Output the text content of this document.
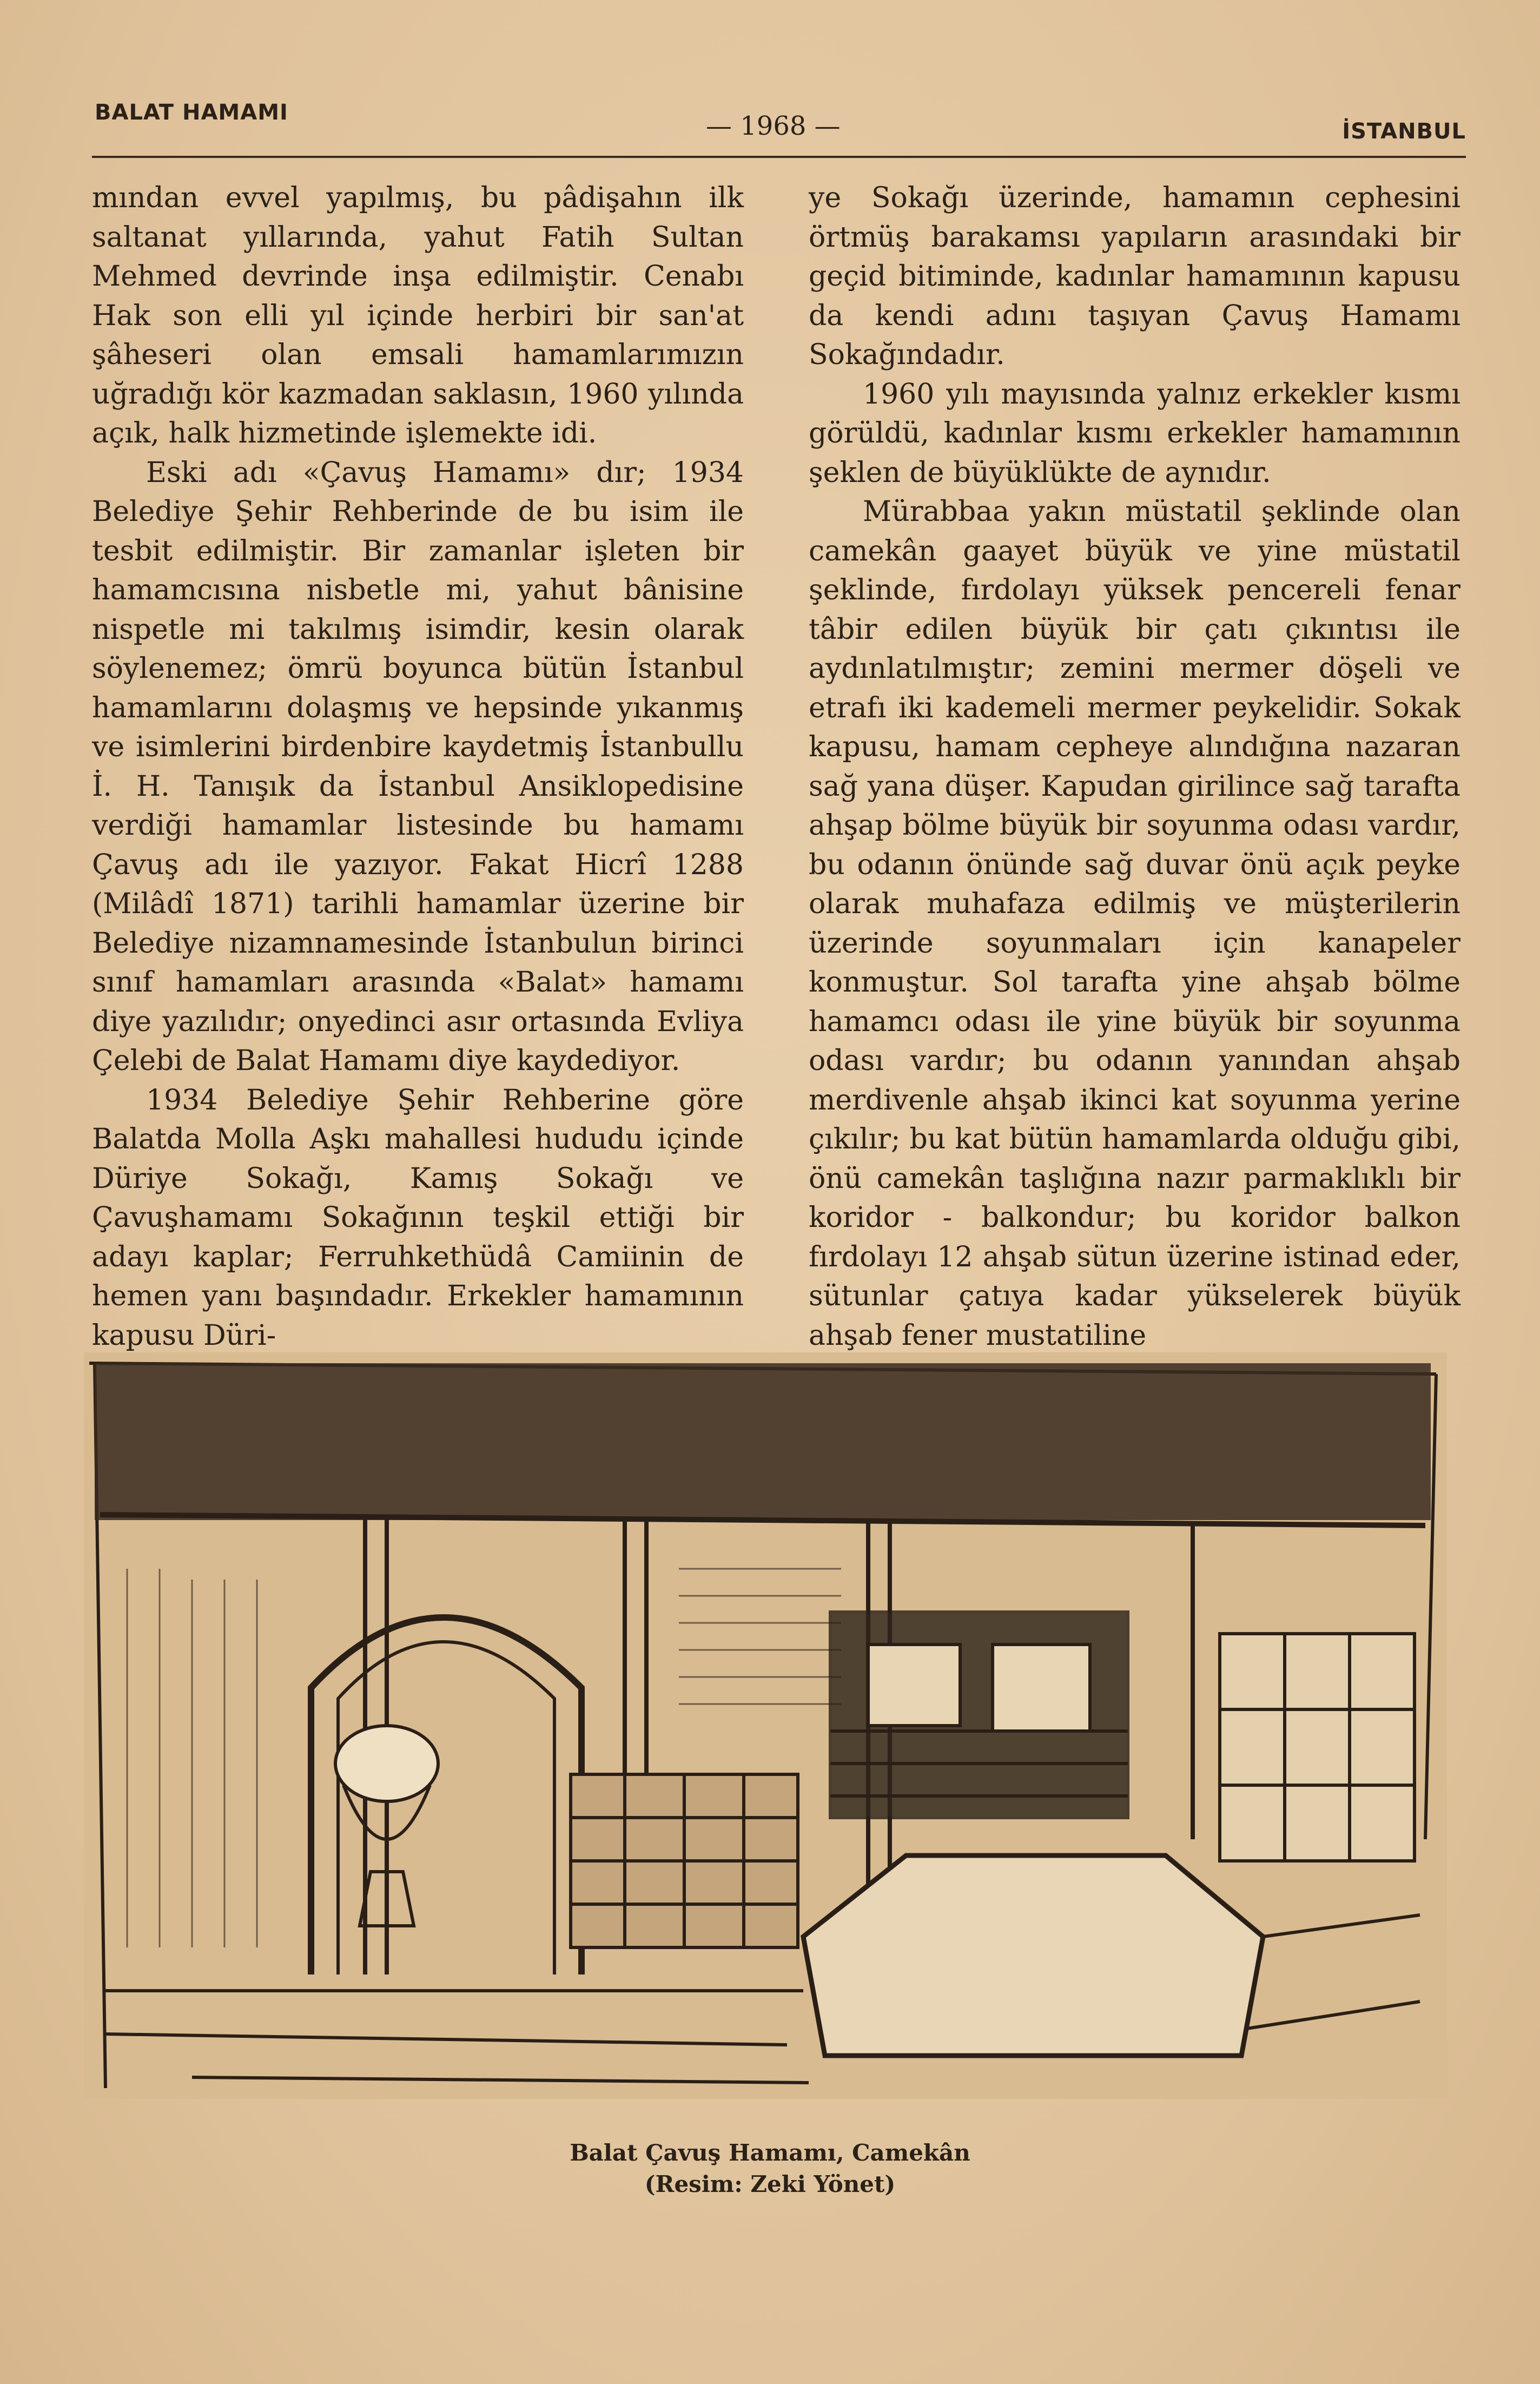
BALAT HAMAMI	— 1968 —	İSTANBUL

mından evvel yapılmış, bu pâdişahın ilk saltanat yıllarında, yahut Fatih Sultan Mehmed devrinde inşa edilmiştir. Cenabı Hak son elli yıl içinde herbiri bir san'at şâheseri olan emsali hamamlarımızın uğradığı kör kazmadan saklasın, 1960 yılında açık, halk hizmetinde işlemekte idi.

Eski adı «Çavuş Hamamı» dır; 1934 Belediye Şehir Rehberinde de bu isim ile tesbit edilmiştir. Bir zamanlar işleten bir hamamcısına nisbetle mi, yahut bânisine nispetle mi takılmış isimdir, kesin olarak söylenemez; ömrü boyunca bütün İstanbul hamamlarını dolaşmış ve hepsinde yıkanmış ve isimlerini birdenbire kaydetmiş İstanbullu İ. H. Tanışık da İstanbul Ansiklopedisine verdiği hamamlar listesinde bu hamamı Çavuş adı ile yazıyor. Fakat Hicrî 1288 (Milâdî 1871) tarihli hamamlar üzerine bir Belediye nizamnamesinde İstanbulun birinci sınıf hamamları arasında «Balat» hamamı diye yazılıdır; onyedinci asır ortasında Evliya Çelebi de Balat Hamamı diye kaydediyor.

1934 Belediye Şehir Rehberine göre Balatda Molla Aşkı mahallesi hududu içinde Düriye Sokağı, Kamış Sokağı ve Çavuşhamamı Sokağının teşkil ettiği bir adayı kaplar; Ferruhkethüdâ Camiinin de hemen yanı başındadır. Erkekler hamamının kapusu Düri-

ye Sokağı üzerinde, hamamın cephesini örtmüş barakamsı yapıların arasındaki bir geçid bitiminde, kadınlar hamamının kapusu da kendi adını taşıyan Çavuş Hamamı Sokağındadır.

1960 yılı mayısında yalnız erkekler kısmı görüldü, kadınlar kısmı erkekler hamamının şeklen de büyüklükte de aynıdır.

Mürabbaa yakın müstatil şeklinde olan camekân gaayet büyük ve yine müstatil şeklinde, fırdolayı yüksek pencereli fenar tâbir edilen büyük bir çatı çıkıntısı ile aydınlatılmıştır; zemini mermer döşeli ve etrafı iki kademeli mermer peykelidir. Sokak kapusu, hamam cepheye alındığına nazaran sağ yana düşer. Kapudan girilince sağ tarafta ahşap bölme büyük bir soyunma odası vardır, bu odanın önünde sağ duvar önü açık peyke olarak muhafaza edilmiş ve müşterilerin üzerinde soyunmaları için kanapeler konmuştur. Sol tarafta yine ahşab bölme hamamcı odası ile yine büyük bir soyunma odası vardır; bu odanın yanından ahşab merdivenle ahşab ikinci kat soyunma yerine çıkılır; bu kat bütün hamamlarda olduğu gibi, önü camekân taşlığına nazır parmaklıklı bir koridor - balkondur; bu koridor balkon fırdolayı 12 ahşab sütun üzerine istinad eder, sütunlar çatıya kadar yükselerek büyük ahşab fener mustatiline

Balat Çavuş Hamamı, Camekân
(Resim: Zeki Yönet)
